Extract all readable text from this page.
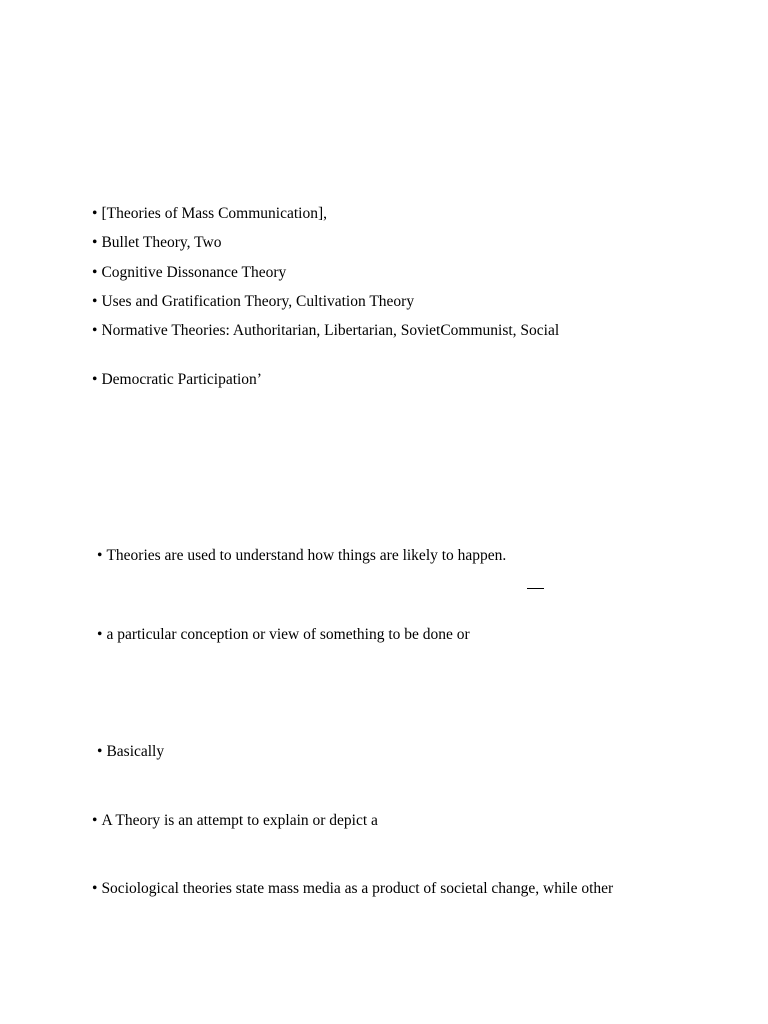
• [Theories of Mass Communication],
• Bullet Theory, Two
• Cognitive Dissonance Theory
• Uses and Gratification Theory, Cultivation Theory
• Normative Theories: Authoritarian, Libertarian, SovietCommunist, Social
• Democratic Participation’
• Theories are used to understand how things are likely to happen.
• a particular conception or view of something to be done or
• Basically
• A Theory is an attempt to explain or depict a
• Sociological theories state mass media as a product of societal change, while other
